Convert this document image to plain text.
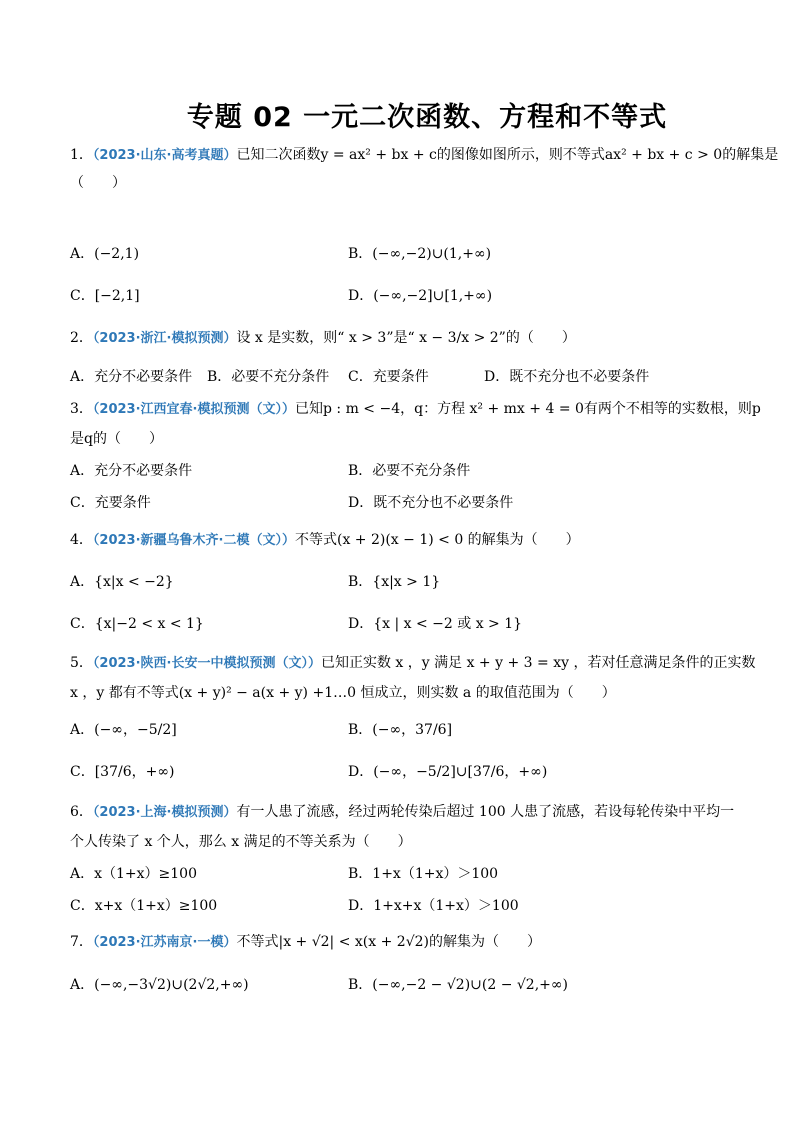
专题 02 一元二次函数、方程和不等式
1．（2023·山东·高考真题）已知二次函数y = ax² + bx + c的图像如图所示，则不等式ax² + bx + c > 0的解集是
（　　）
A．(−2,1)	B．(−∞,−2)∪(1,+∞)
C．[−2,1]	D．(−∞,−2]∪[1,+∞)
2．（2023·浙江·模拟预测）设 x 是实数，则“ x > 3”是“ x − 3/x > 2”的（　　）
A．充分不必要条件 B．必要不充分条件 C．充要条件	D．既不充分也不必要条件
3．（2023·江西宜春·模拟预测（文））已知p : m < −4，q：方程 x² + mx + 4 = 0有两个不相等的实数根，则p
是q的（　　）
A．充分不必要条件	B．必要不充分条件
C．充要条件	D．既不充分也不必要条件
4．（2023·新疆乌鲁木齐·二模（文））不等式(x + 2)(x − 1) < 0 的解集为（　　）
A．{x|x < −2}	B．{x|x > 1}
C．{x|−2 < x < 1}	D．{x | x < −2 或 x > 1}
5．（2023·陕西·长安一中模拟预测（文））已知正实数 x ，y 满足 x + y + 3 = xy ，若对任意满足条件的正实数
x ，y 都有不等式(x + y)² − a(x + y) +1…0 恒成立，则实数 a 的取值范围为（　　）
A．(−∞，−5/2]	B．(−∞，37/6]
C．[37/6，+∞)	D．(−∞，−5/2]∪[37/6，+∞)
6．（2023·上海·模拟预测）有一人患了流感，经过两轮传染后超过 100 人患了流感，若设每轮传染中平均一
个人传染了 x 个人，那么 x 满足的不等关系为（　　）
A．x（1+x）≥100	B．1+x（1+x）＞100
C．x+x（1+x）≥100	D．1+x+x（1+x）＞100
7．（2023·江苏南京·一模）不等式|x + √2| < x(x + 2√2)的解集为（　　）
A．(−∞,−3√2)∪(2√2,+∞)	B．(−∞,−2 − √2)∪(2 − √2,+∞)
